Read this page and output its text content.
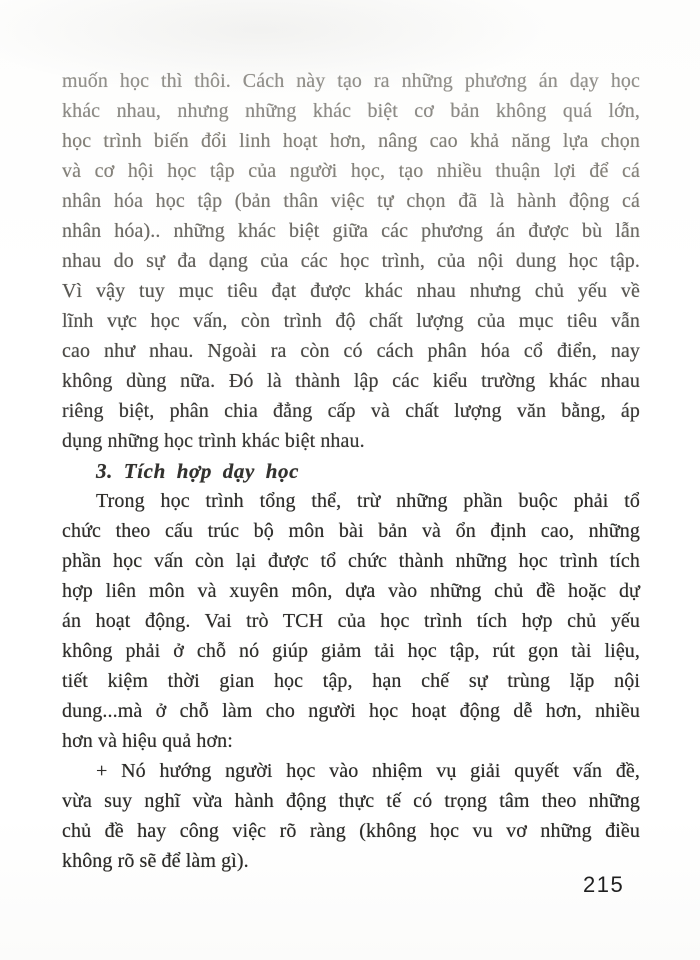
muốn học thì thôi. Cách này tạo ra những phương án dạy học
khác nhau, nhưng những khác biệt cơ bản không quá lớn,
học trình biến đổi linh hoạt hơn, nâng cao khả năng lựa chọn
và cơ hội học tập của người học, tạo nhiều thuận lợi để cá
nhân hóa học tập (bản thân việc tự chọn đã là hành động cá
nhân hóa).. những khác biệt giữa các phương án được bù lẫn
nhau do sự đa dạng của các học trình, của nội dung học tập.
Vì vậy tuy mục tiêu đạt được khác nhau nhưng chủ yếu về
lĩnh vực học vấn, còn trình độ chất lượng của mục tiêu vẫn
cao như nhau. Ngoài ra còn có cách phân hóa cổ điển, nay
không dùng nữa. Đó là thành lập các kiểu trường khác nhau
riêng biệt, phân chia đẳng cấp và chất lượng văn bằng, áp
dụng những học trình khác biệt nhau.
3. Tích hợp dạy học
Trong học trình tổng thể, trừ những phần buộc phải tổ
chức theo cấu trúc bộ môn bài bản và ổn định cao, những
phần học vấn còn lại được tổ chức thành những học trình tích
hợp liên môn và xuyên môn, dựa vào những chủ đề hoặc dự
án hoạt động. Vai trò TCH của học trình tích hợp chủ yếu
không phải ở chỗ nó giúp giảm tải học tập, rút gọn tài liệu,
tiết kiệm thời gian học tập, hạn chế sự trùng lặp nội
dung...mà ở chỗ làm cho người học hoạt động dễ hơn, nhiều
hơn và hiệu quả hơn:
+ Nó hướng người học vào nhiệm vụ giải quyết vấn đề,
vừa suy nghĩ vừa hành động thực tế có trọng tâm theo những
chủ đề hay công việc rõ ràng (không học vu vơ những điều
không rõ sẽ để làm gì).
215
